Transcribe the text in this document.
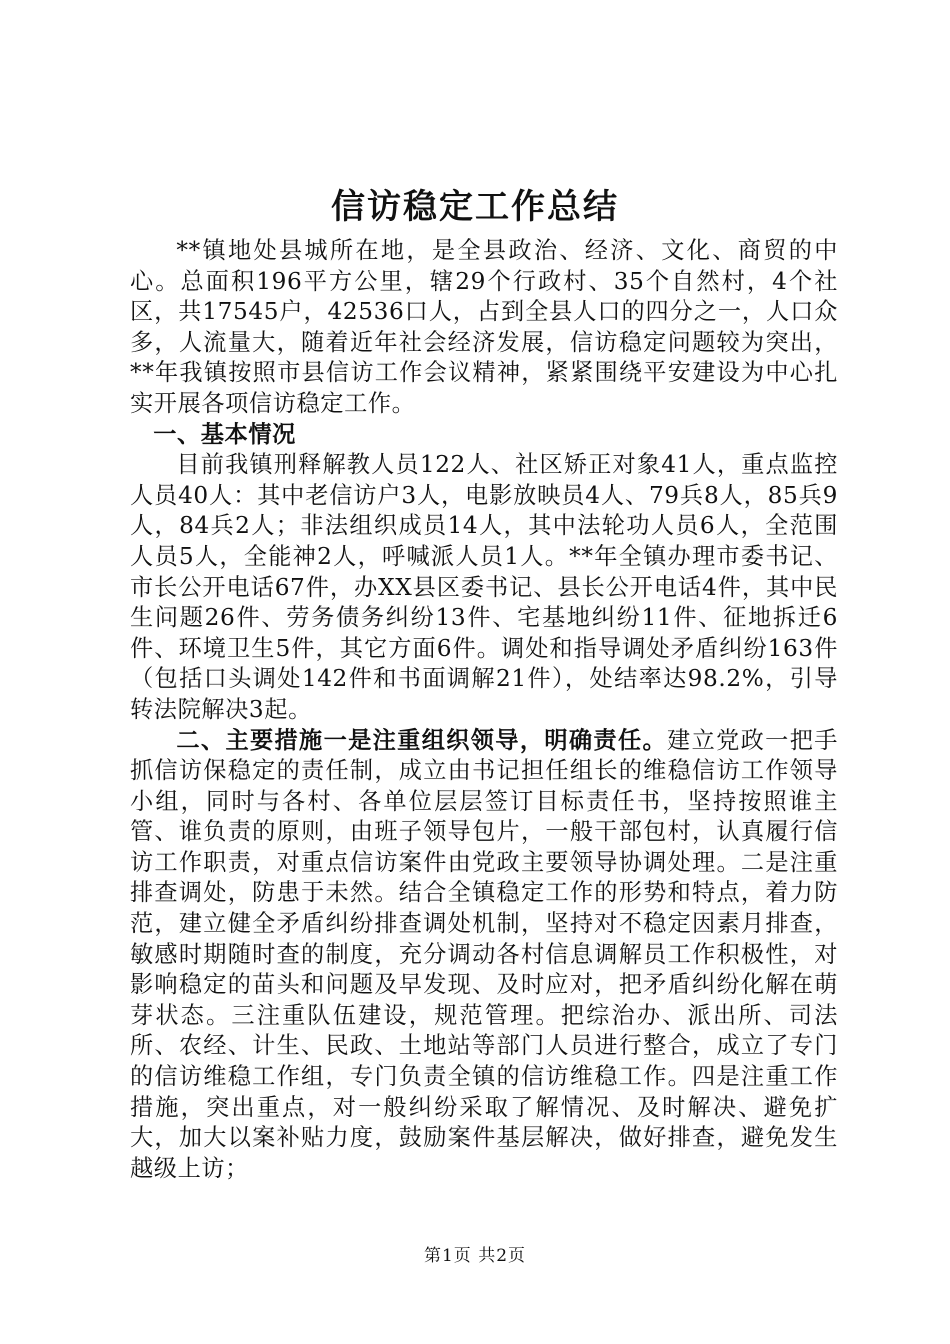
信访稳定工作总结

**镇地处县城所在地，是全县政治、经济、文化、商贸的中心。总面积196平方公里，辖29个行政村、35个自然村，4个社区，共17545户，42536口人，占到全县人口的四分之一，人口众多，人流量大，随着近年社会经济发展，信访稳定问题较为突出，**年我镇按照市县信访工作会议精神，紧紧围绕平安建设为中心扎实开展各项信访稳定工作。

一、基本情况

目前我镇刑释解教人员122人、社区矫正对象41人，重点监控人员40人：其中老信访户3人，电影放映员4人、79兵8人，85兵9人，84兵2人；非法组织成员14人，其中法轮功人员6人，全范围人员5人，全能神2人，呼喊派人员1人。**年全镇办理市委书记、市长公开电话67件，办XX县区委书记、县长公开电话4件，其中民生问题26件、劳务债务纠纷13件、宅基地纠纷11件、征地拆迁6件、环境卫生5件，其它方面6件。调处和指导调处矛盾纠纷163件（包括口头调处142件和书面调解21件），处结率达98.2%，引导转法院解决3起。

二、主要措施一是注重组织领导，明确责任。建立党政一把手抓信访保稳定的责任制，成立由书记担任组长的维稳信访工作领导小组，同时与各村、各单位层层签订目标责任书，坚持按照谁主管、谁负责的原则，由班子领导包片，一般干部包村，认真履行信访工作职责，对重点信访案件由党政主要领导协调处理。二是注重排查调处，防患于未然。结合全镇稳定工作的形势和特点，着力防范，建立健全矛盾纠纷排查调处机制，坚持对不稳定因素月排查，敏感时期随时查的制度，充分调动各村信息调解员工作积极性，对影响稳定的苗头和问题及早发现、及时应对，把矛盾纠纷化解在萌芽状态。三注重队伍建设，规范管理。把综治办、派出所、司法所、农经、计生、民政、土地站等部门人员进行整合，成立了专门的信访维稳工作组，专门负责全镇的信访维稳工作。四是注重工作措施，突出重点，对一般纠纷采取了解情况、及时解决、避免扩大，加大以案补贴力度，鼓励案件基层解决，做好排查，避免发生越级上访；

第1页 共2页
